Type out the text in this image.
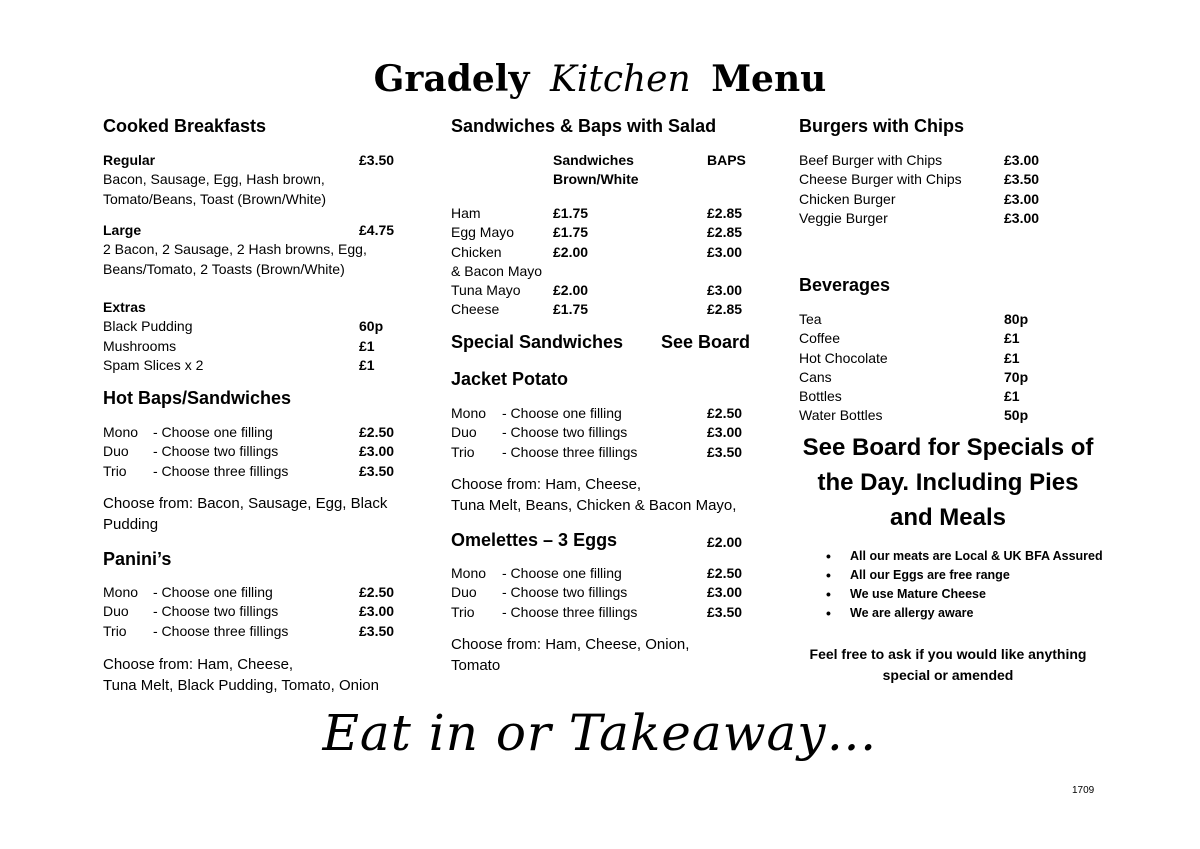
Gradely Kitchen Menu
Cooked Breakfasts
Regular	£3.50
Bacon, Sausage, Egg, Hash brown,
Tomato/Beans, Toast (Brown/White)
Large	£4.75
2 Bacon, 2 Sausage, 2 Hash browns, Egg,
Beans/Tomato, 2 Toasts (Brown/White)
Extras
Black Pudding	60p
Mushrooms	£1
Spam Slices x 2	£1
Hot Baps/Sandwiches
Mono - Choose one filling	£2.50
Duo - Choose two fillings	£3.00
Trio - Choose three fillings	£3.50
Choose from: Bacon, Sausage, Egg, Black
Pudding
Panini’s
Mono - Choose one filling	£2.50
Duo - Choose two fillings	£3.00
Trio - Choose three fillings	£3.50
Choose from: Ham, Cheese,
Tuna Melt, Black Pudding, Tomato, Onion
Sandwiches & Baps with Salad
Sandwiches	BAPS
Brown/White
Ham	£1.75	£2.85
Egg Mayo	£1.75	£2.85
Chicken	£2.00	£3.00
& Bacon Mayo
Tuna Mayo £2.00	£3.00
Cheese	£1.75	£2.85
Special Sandwiches See Board
Jacket Potato
Mono - Choose one filling	£2.50
Duo - Choose two fillings	£3.00
Trio - Choose three fillings	£3.50
Choose from: Ham, Cheese,
Tuna Melt, Beans, Chicken & Bacon Mayo,
Omelettes – 3 Eggs	£2.00
Mono - Choose one filling	£2.50
Duo - Choose two fillings	£3.00
Trio - Choose three fillings	£3.50
Choose from: Ham, Cheese, Onion,
Tomato
Burgers with Chips
Beef Burger with Chips	£3.00
Cheese Burger with Chips	£3.50
Chicken Burger	£3.00
Veggie Burger	£3.00
Beverages
Tea	80p
Coffee	£1
Hot Chocolate	£1
Cans	70p
Bottles	£1
Water Bottles	50p
See Board for Specials of
the Day. Including Pies
and Meals
• All our meats are Local & UK BFA Assured
• All our Eggs are free range
• We use Mature Cheese
• We are allergy aware
Feel free to ask if you would like anything
special or amended
Eat in or Takeaway…
1709
